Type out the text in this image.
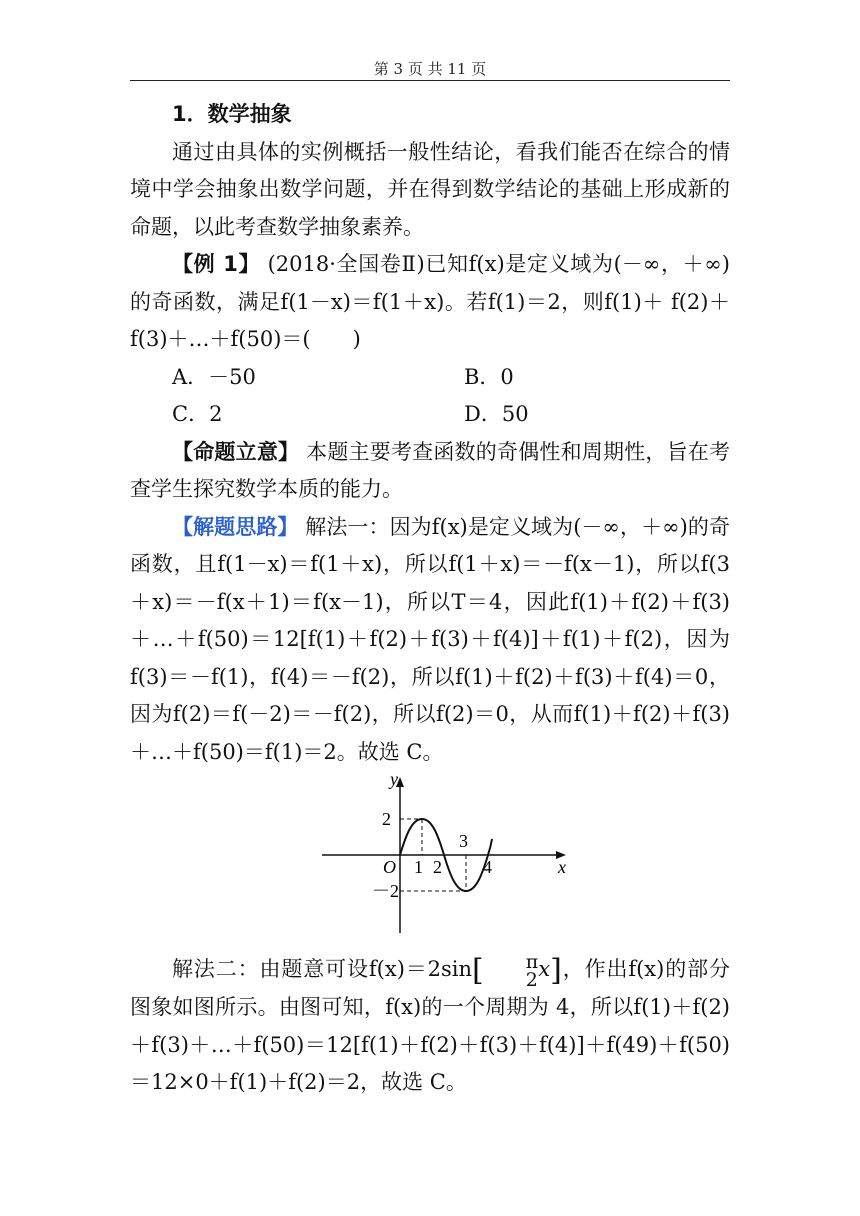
第 3 页 共 11 页

1．数学抽象

通过由具体的实例概括一般性结论，看我们能否在综合的情境中学会抽象出数学问题，并在得到数学结论的基础上形成新的命题，以此考查数学抽象素养。

【例 1】 (2018·全国卷Ⅱ)已知f(x)是定义域为(－∞，＋∞)的奇函数，满足f(1－x)＝f(1＋x)。若f(1)＝2，则f(1)＋ f(2)＋ f(3)＋…＋f(50)＝(　　)

A．－50	B．0
C．2	D．50

【命题立意】 本题主要考查函数的奇偶性和周期性，旨在考查学生探究数学本质的能力。

【解题思路】 解法一：因为f(x)是定义域为(－∞，＋∞)的奇函数，且f(1－x)＝f(1＋x)，所以f(1＋x)＝－f(x－1)，所以f(3＋x)＝－f(x＋1)＝f(x－1)，所以T＝4，因此f(1)＋f(2)＋f(3)＋…＋f(50)＝12[f(1)＋f(2)＋f(3)＋f(4)]＋f(1)＋f(2)，因为f(3)＝－f(1)，f(4)＝－f(2)，所以f(1)＋f(2)＋f(3)＋f(4)＝0，因为f(2)＝f(－2)＝－f(2)，所以f(2)＝0，从而f(1)＋f(2)＋f(3)＋…＋f(50)＝f(1)＝2。故选 C。

y
x
O
2
－2
1 2
3
4

解法二：由题意可设f(x)＝2sin[	π
2 x]，作出f(x)的部分图象如图所示。由图可知，f(x)的一个周期为 4，所以f(1)＋f(2)＋f(3)＋…＋f(50)＝12[f(1)＋f(2)＋f(3)＋f(4)]＋f(49)＋f(50)＝12×0＋f(1)＋f(2)＝2，故选 C。
